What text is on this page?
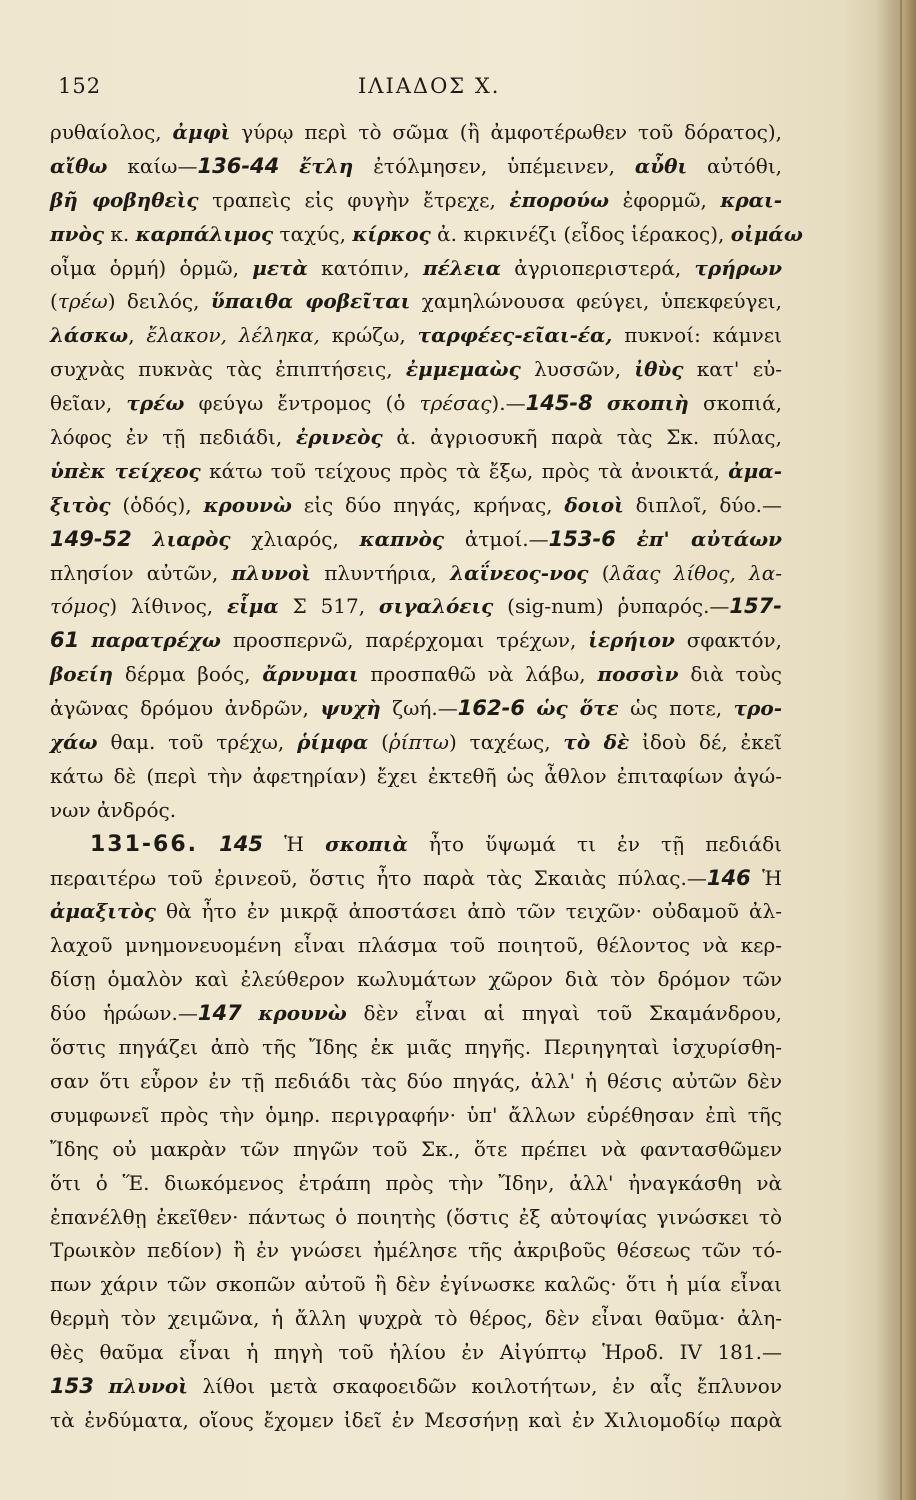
152	ΙΛΙΑΔΟΣ Χ.
ρυθαίολος, ἀμφὶ γύρῳ περὶ τὸ σῶμα (ἢ ἀμφοτέρωθεν τοῦ δόρατος),
αἴθω καίω—136-44 ἔτλη ἐτόλμησεν, ὑπέμεινεν, αὖθι αὐτόθι,
βῆ φοβηθεὶς τραπεὶς εἰς φυγὴν ἔτρεχε, ἐπορούω ἐφορμῶ, κραι-
πνὸς κ. καρπάλιμος ταχύς, κίρκος ἀ. κιρκινέζι (εἶδος ἱέρακος), οἰμάω
οἶμα ὁρμή) ὁρμῶ, μετὰ κατόπιν, πέλεια ἀγριοπεριστερά, τρήρων
(τρέω) δειλός, ὕπαιθα φοβεῖται χαμηλώνουσα φεύγει, ὑπεκφεύγει,
λάσκω, ἔλακον, λέληκα, κρώζω, ταρφέες-εῖαι-έα, πυκνοί: κάμνει
συχνὰς πυκνὰς τὰς ἐπιπτήσεις, ἐμμεμαὼς λυσσῶν, ἰθὺς κατ' εὐ-
θεῖαν, τρέω φεύγω ἔντρομος (ὁ τρέσας).—145-8 σκοπιὴ σκοπιά,
λόφος ἐν τῇ πεδιάδι, ἐρινεὸς ἀ. ἀγριοσυκῆ παρὰ τὰς Σκ. πύλας,
ὑπὲκ τείχεος κάτω τοῦ τείχους πρὸς τὰ ἔξω, πρὸς τὰ ἀνοικτά, ἀμα-
ξιτὸς (ὁδός), κρουνὼ εἰς δύο πηγάς, κρήνας, δοιοὶ διπλοῖ, δύο.—
149-52 λιαρὸς χλιαρός, καπνὸς ἀτμοί.—153-6 ἐπ' αὐτάων
πλησίον αὐτῶν, πλυνοὶ πλυντήρια, λαΐνεος-νος (λᾶας λίθος, λα-
τόμος) λίθινος, εἷμα Σ 517, σιγαλόεις (sig-num) ῥυπαρός.—157-
61 παρατρέχω προσπερνῶ, παρέρχομαι τρέχων, ἱερήιον σφακτόν,
βοείη δέρμα βοός, ἄρνυμαι προσπαθῶ νὰ λάβω, ποσσὶν διὰ τοὺς
ἀγῶνας δρόμου ἀνδρῶν, ψυχὴ ζωή.—162-6 ὡς ὅτε ὡς ποτε, τρο-
χάω θαμ. τοῦ τρέχω, ῥίμφα (ῥίπτω) ταχέως, τὸ δὲ ἰδοὺ δέ, ἐκεῖ
κάτω δὲ (περὶ τὴν ἀφετηρίαν) ἔχει ἐκτεθῆ ὡς ἆθλον ἐπιταφίων ἀγώ-
νων ἀνδρός.
131-66. 145 Ἡ σκοπιὰ ἦτο ὕψωμά τι ἐν τῇ πεδιάδι
περαιτέρω τοῦ ἐρινεοῦ, ὅστις ἦτο παρὰ τὰς Σκαιὰς πύλας.—146 Ἡ
ἀμαξιτὸς θὰ ἦτο ἐν μικρᾷ ἀποστάσει ἀπὸ τῶν τειχῶν· οὐδαμοῦ ἀλ-
λαχοῦ μνημονευομένη εἶναι πλάσμα τοῦ ποιητοῦ, θέλοντος νὰ κερ-
δίσῃ ὁμαλὸν καὶ ἐλεύθερον κωλυμάτων χῶρον διὰ τὸν δρόμον τῶν
δύο ἡρώων.—147 κρουνὼ δὲν εἶναι αἱ πηγαὶ τοῦ Σκαμάνδρου,
ὅστις πηγάζει ἀπὸ τῆς Ἴδης ἐκ μιᾶς πηγῆς. Περιηγηταὶ ἰσχυρίσθη-
σαν ὅτι εὗρον ἐν τῇ πεδιάδι τὰς δύο πηγάς, ἀλλ' ἡ θέσις αὐτῶν δὲν
συμφωνεῖ πρὸς τὴν ὁμηρ. περιγραφήν· ὑπ' ἄλλων εὑρέθησαν ἐπὶ τῆς
Ἴδης οὐ μακρὰν τῶν πηγῶν τοῦ Σκ., ὅτε πρέπει νὰ φαντασθῶμεν
ὅτι ὁ Ἕ. διωκόμενος ἐτράπη πρὸς τὴν Ἴδην, ἀλλ' ἠναγκάσθη νὰ
ἐπανέλθῃ ἐκεῖθεν· πάντως ὁ ποιητὴς (ὅστις ἐξ αὐτοψίας γινώσκει τὸ
Τρωικὸν πεδίον) ἢ ἐν γνώσει ἠμέλησε τῆς ἀκριβοῦς θέσεως τῶν τό-
πων χάριν τῶν σκοπῶν αὐτοῦ ἢ δὲν ἐγίνωσκε καλῶς· ὅτι ἡ μία εἶναι
θερμὴ τὸν χειμῶνα, ἡ ἄλλη ψυχρὰ τὸ θέρος, δὲν εἶναι θαῦμα· ἀλη-
θὲς θαῦμα εἶναι ἡ πηγὴ τοῦ ἡλίου ἐν Αἰγύπτῳ Ἡροδ. IV 181.—
153 πλυνοὶ λίθοι μετὰ σκαφοειδῶν κοιλοτήτων, ἐν αἷς ἔπλυνον
τὰ ἐνδύματα, οἵους ἔχομεν ἰδεῖ ἐν Μεσσήνῃ καὶ ἐν Χιλιομοδίῳ παρὰ
